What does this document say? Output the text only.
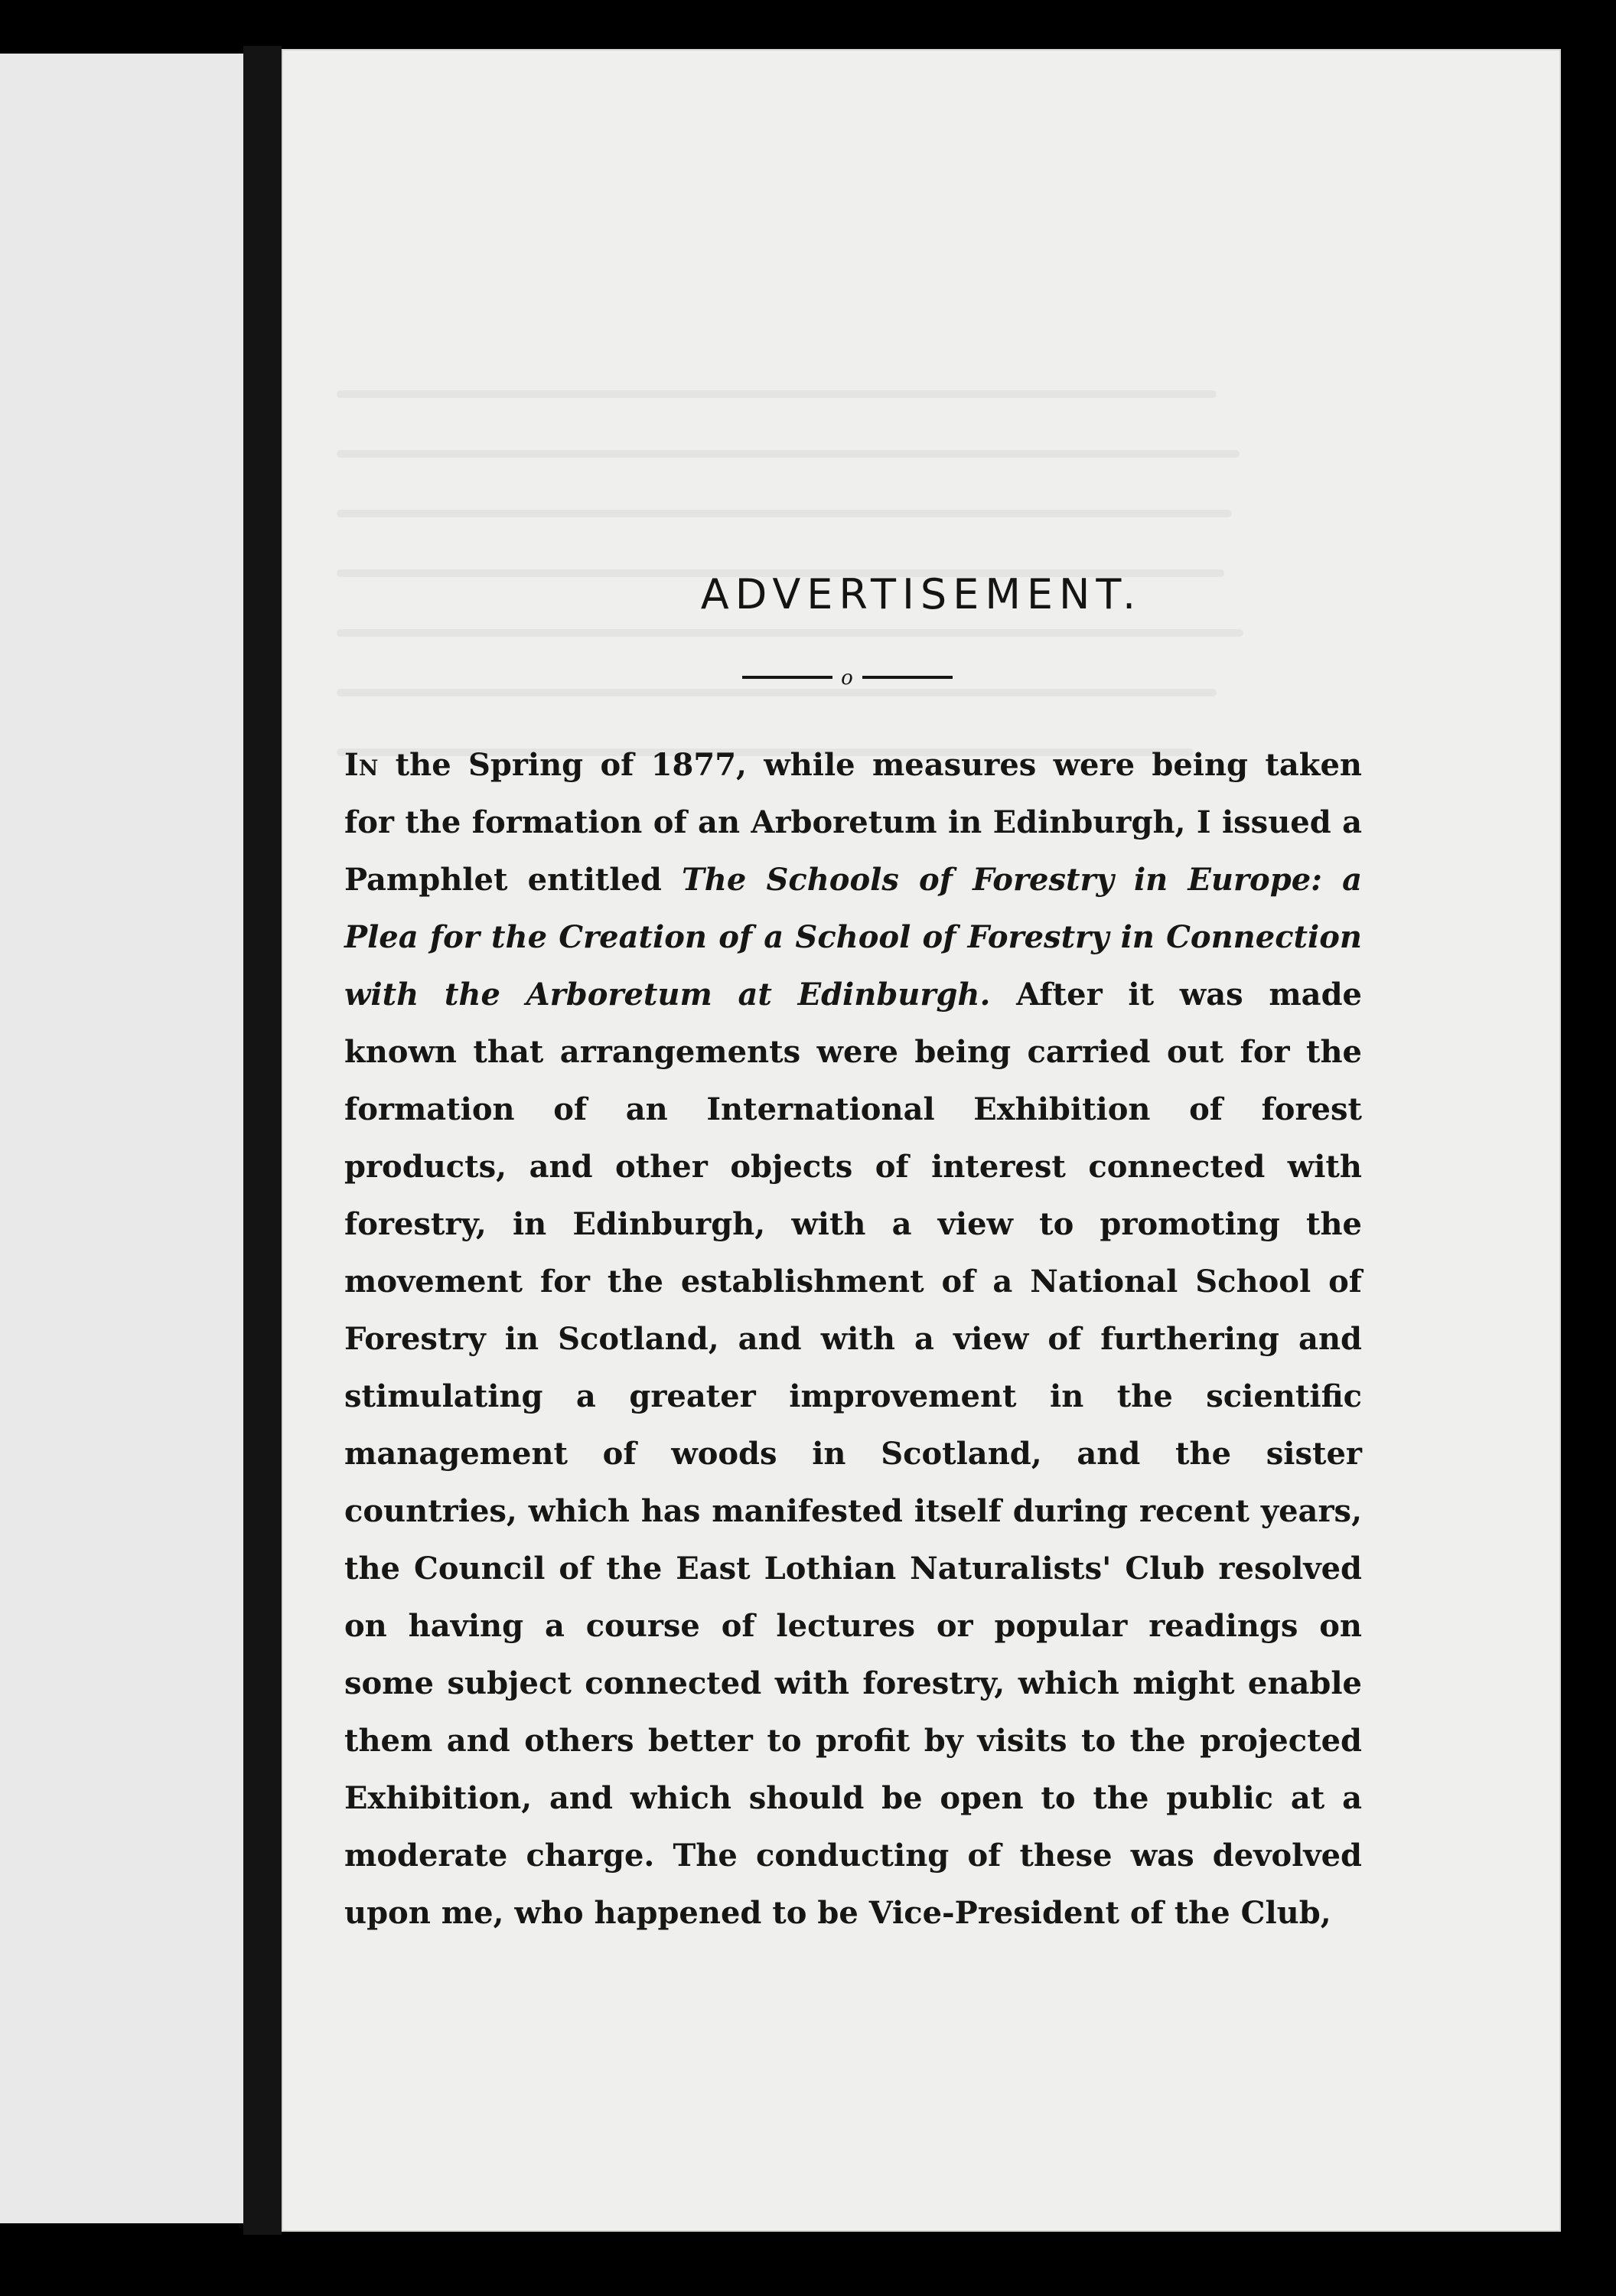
ADVERTISEMENT.
o

In the Spring of 1877, while measures were being taken for the formation of an Arboretum in Edinburgh, I issued a Pamphlet entitled The Schools of Forestry in Europe: a Plea for the Creation of a School of Forestry in Connection with the Arboretum at Edinburgh. After it was made known that arrangements were being carried out for the formation of an International Exhibition of forest products, and other objects of interest connected with forestry, in Edinburgh, with a view to promoting the movement for the establishment of a National School of Forestry in Scotland, and with a view of furthering and stimulating a greater improvement in the scientific management of woods in Scotland, and the sister countries, which has manifested itself during recent years, the Council of the East Lothian Naturalists' Club resolved on having a course of lectures or popular readings on some subject connected with forestry, which might enable them and others better to profit by visits to the projected Exhibition, and which should be open to the public at a moderate charge. The conducting of these was devolved upon me, who happened to be Vice-President of the Club,
